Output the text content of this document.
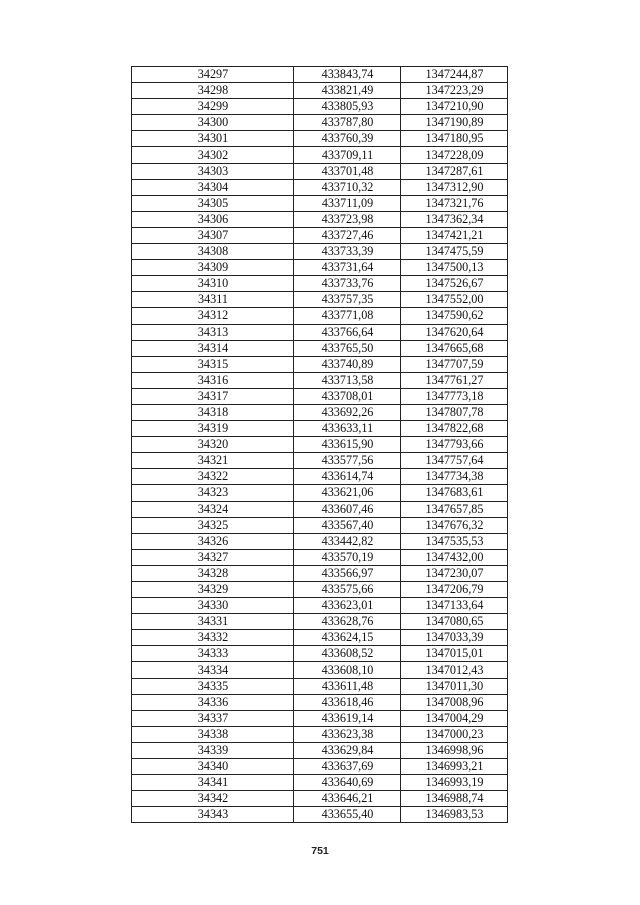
34297	433843,74	1347244,87
34298	433821,49	1347223,29
34299	433805,93	1347210,90
34300	433787,80	1347190,89
34301	433760,39	1347180,95
34302	433709,11	1347228,09
34303	433701,48	1347287,61
34304	433710,32	1347312,90
34305	433711,09	1347321,76
34306	433723,98	1347362,34
34307	433727,46	1347421,21
34308	433733,39	1347475,59
34309	433731,64	1347500,13
34310	433733,76	1347526,67
34311	433757,35	1347552,00
34312	433771,08	1347590,62
34313	433766,64	1347620,64
34314	433765,50	1347665,68
34315	433740,89	1347707,59
34316	433713,58	1347761,27
34317	433708,01	1347773,18
34318	433692,26	1347807,78
34319	433633,11	1347822,68
34320	433615,90	1347793,66
34321	433577,56	1347757,64
34322	433614,74	1347734,38
34323	433621,06	1347683,61
34324	433607,46	1347657,85
34325	433567,40	1347676,32
34326	433442,82	1347535,53
34327	433570,19	1347432,00
34328	433566,97	1347230,07
34329	433575,66	1347206,79
34330	433623,01	1347133,64
34331	433628,76	1347080,65
34332	433624,15	1347033,39
34333	433608,52	1347015,01
34334	433608,10	1347012,43
34335	433611,48	1347011,30
34336	433618,46	1347008,96
34337	433619,14	1347004,29
34338	433623,38	1347000,23
34339	433629,84	1346998,96
34340	433637,69	1346993,21
34341	433640,69	1346993,19
34342	433646,21	1346988,74
34343	433655,40	1346983,53
751
